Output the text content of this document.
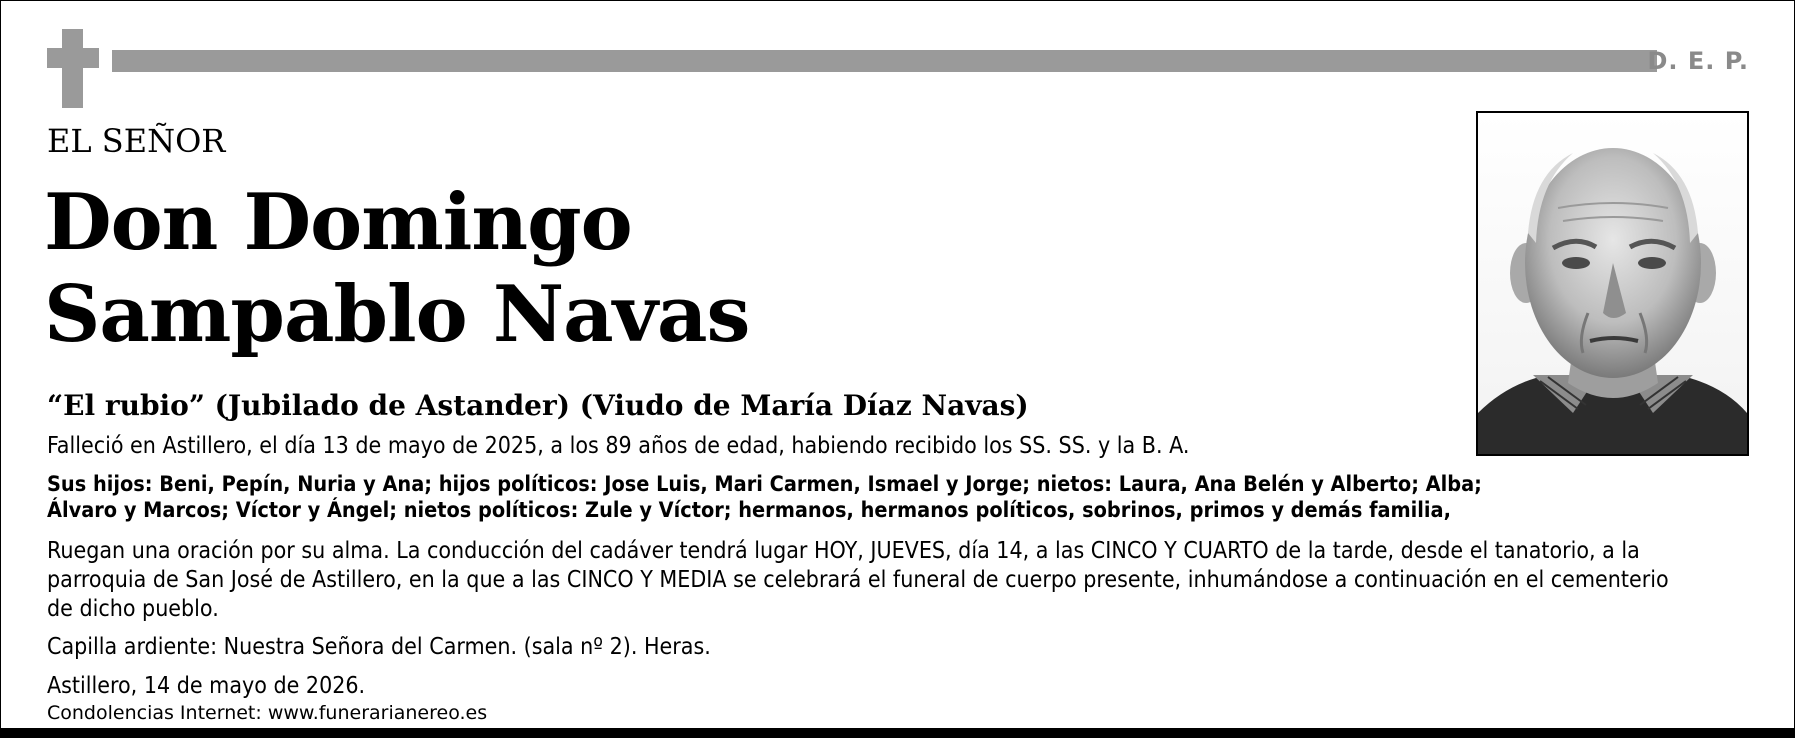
D. E. P.
EL SEÑOR
Don Domingo
Sampablo Navas
“El rubio” (Jubilado de Astander) (Viudo de María Díaz Navas)
Falleció en Astillero, el día 13 de mayo de 2025, a los 89 años de edad, habiendo recibido los SS. SS. y la B. A.
Sus hijos: Beni, Pepín, Nuria y Ana; hijos políticos: Jose Luis, Mari Carmen, Ismael y Jorge; nietos: Laura, Ana Belén y Alberto; Alba;
Álvaro y Marcos; Víctor y Ángel; nietos políticos: Zule y Víctor; hermanos, hermanos políticos, sobrinos, primos y demás familia,
Ruegan una oración por su alma. La conducción del cadáver tendrá lugar HOY, JUEVES, día 14, a las CINCO Y CUARTO de la tarde, desde el tanatorio, a la parroquia de San José de Astillero, en la que a las CINCO Y MEDIA se celebrará el funeral de cuerpo presente, inhumándose a continuación en el cementerio de dicho pueblo.
Capilla ardiente: Nuestra Señora del Carmen. (sala nº 2). Heras.
Astillero, 14 de mayo de 2026.
Condolencias Internet: www.funerarianereo.es
